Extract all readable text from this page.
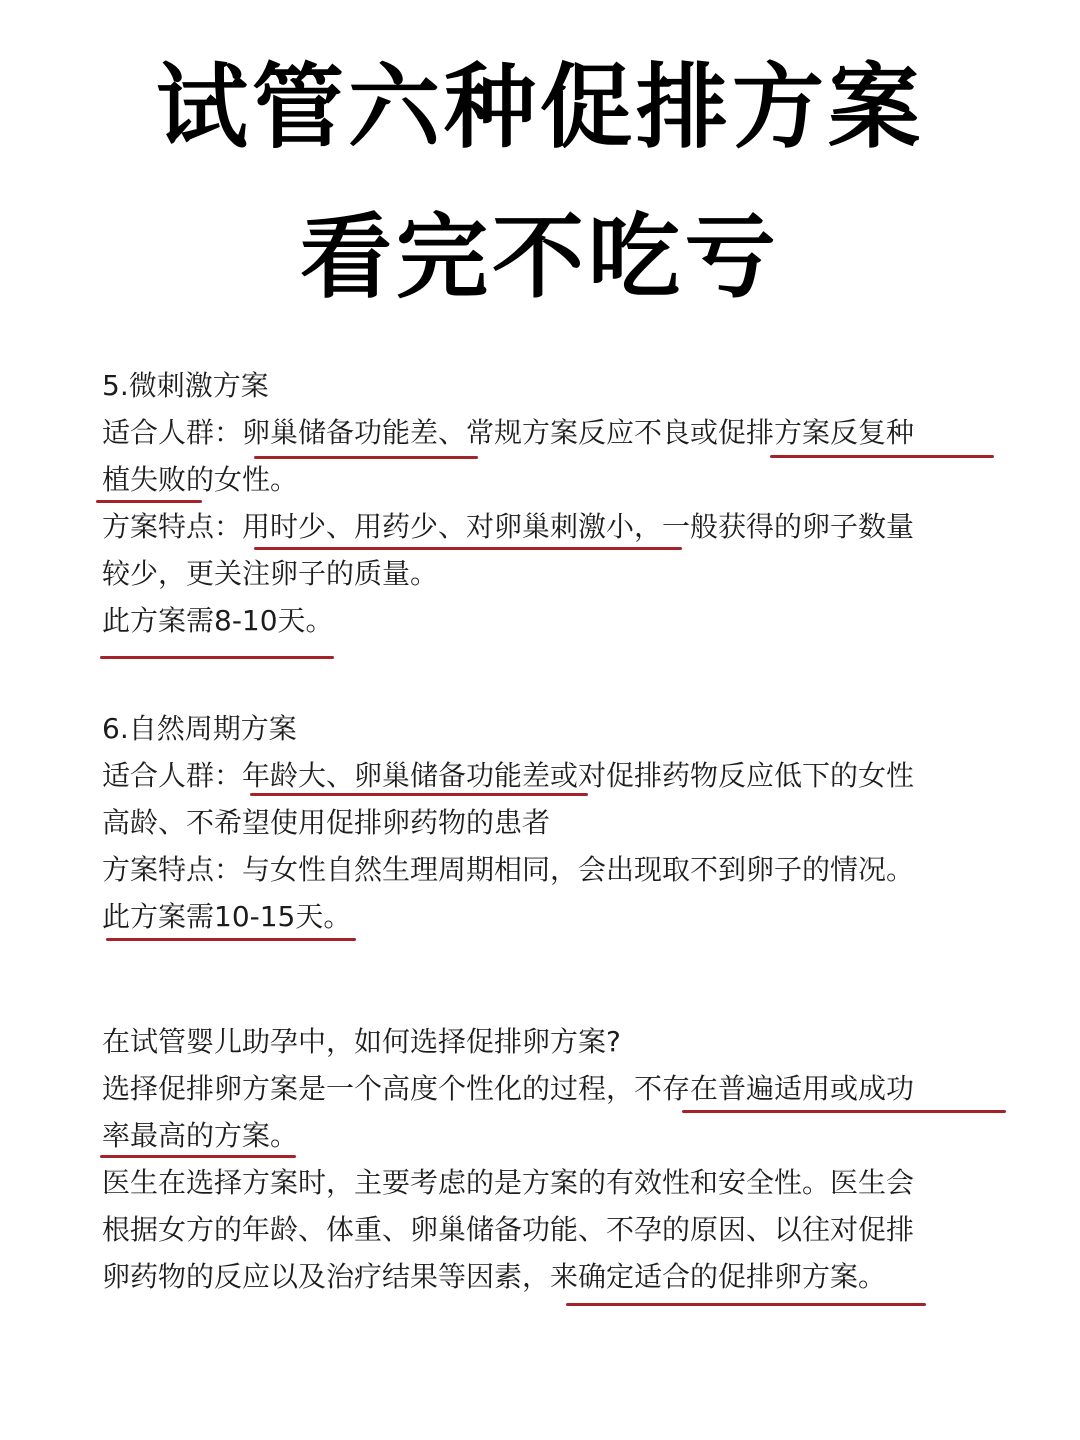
试管六种促排方案
看完不吃亏
5.微刺激方案
适合人群：卵巢储备功能差、常规方案反应不良或促排方案反复种
植失败的女性。
方案特点：用时少、用药少、对卵巢刺激小，一般获得的卵子数量
较少，更关注卵子的质量。
此方案需8-10天。
6.自然周期方案
适合人群：年龄大、卵巢储备功能差或对促排药物反应低下的女性
高龄、不希望使用促排卵药物的患者
方案特点：与女性自然生理周期相同，会出现取不到卵子的情况。
此方案需10-15天。
在试管婴儿助孕中，如何选择促排卵方案?
选择促排卵方案是一个高度个性化的过程，不存在普遍适用或成功
率最高的方案。
医生在选择方案时，主要考虑的是方案的有效性和安全性。医生会
根据女方的年龄、体重、卵巢储备功能、不孕的原因、以往对促排
卵药物的反应以及治疗结果等因素，来确定适合的促排卵方案。
